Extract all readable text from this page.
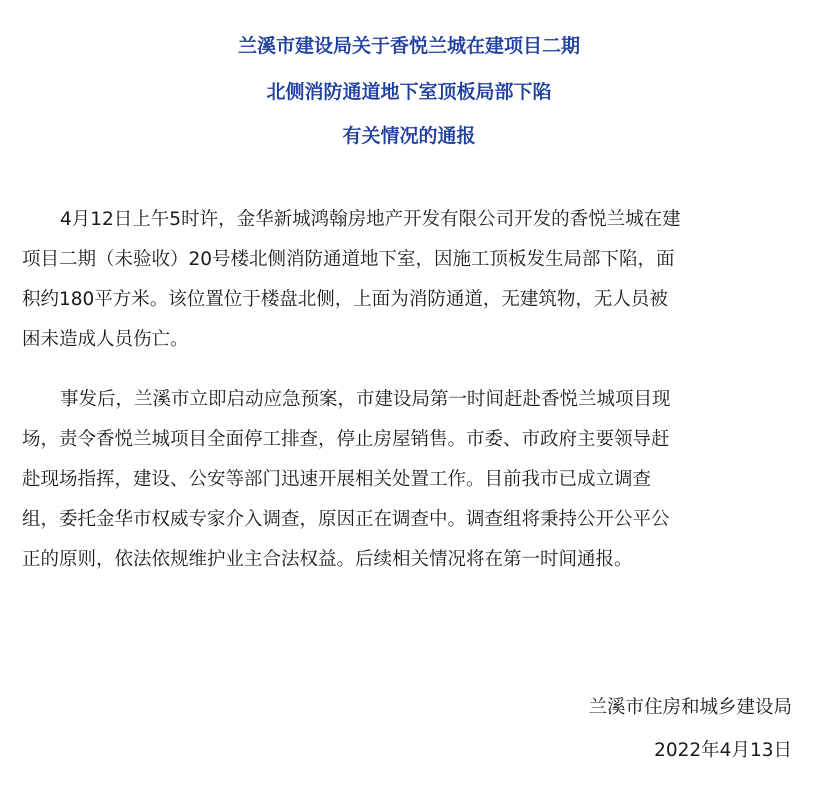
兰溪市建设局关于香悦兰城在建项目二期
北侧消防通道地下室顶板局部下陷
有关情况的通报
4月12日上午5时许，金华新城鸿翰房地产开发有限公司开发的香悦兰城在建
项目二期（未验收）20号楼北侧消防通道地下室，因施工顶板发生局部下陷，面
积约180平方米。该位置位于楼盘北侧，上面为消防通道，无建筑物，无人员被
困未造成人员伤亡。
事发后，兰溪市立即启动应急预案，市建设局第一时间赶赴香悦兰城项目现
场，责令香悦兰城项目全面停工排查，停止房屋销售。市委、市政府主要领导赶
赴现场指挥，建设、公安等部门迅速开展相关处置工作。目前我市已成立调查
组，委托金华市权威专家介入调查，原因正在调查中。调查组将秉持公开公平公
正的原则，依法依规维护业主合法权益。后续相关情况将在第一时间通报。
兰溪市住房和城乡建设局
2022年4月13日
